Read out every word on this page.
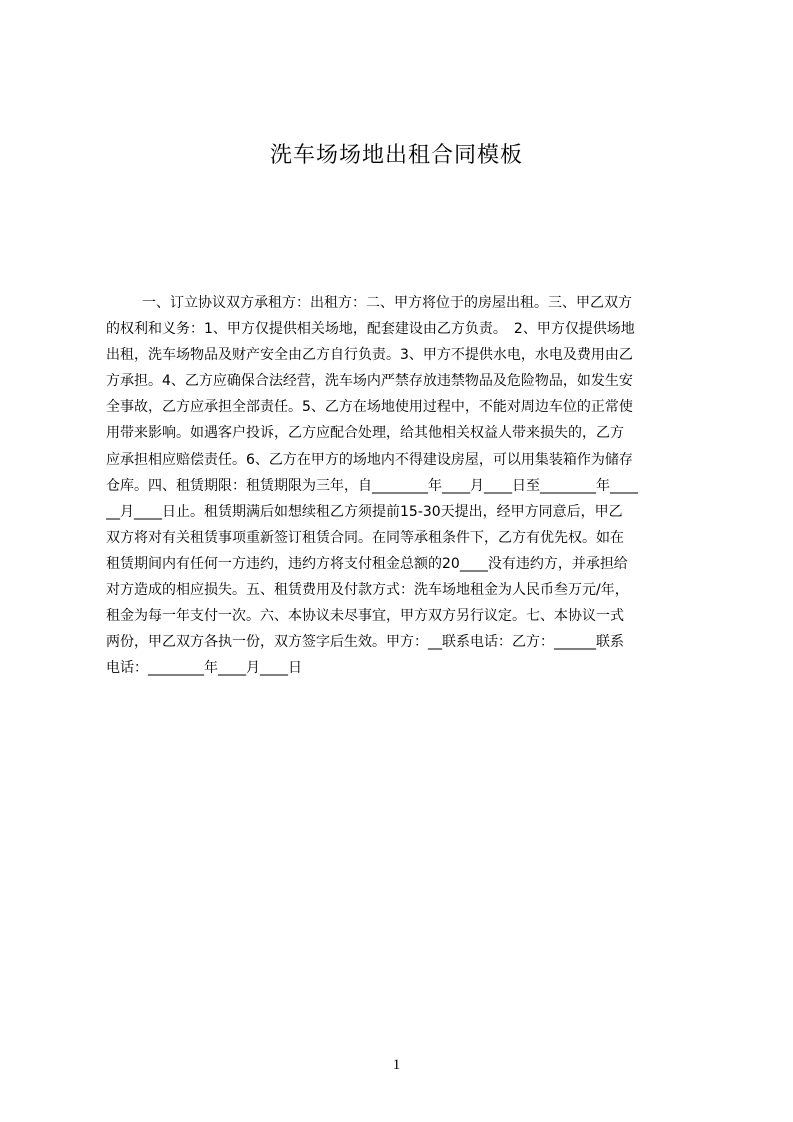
洗车场场地出租合同模板
一、订立协议双方承租方：出租方：二、甲方将位于的房屋出租。三、甲乙双方
的权利和义务：1、甲方仅提供相关场地，配套建设由乙方负责。　2、甲方仅提供场地
出租，洗车场物品及财产安全由乙方自行负责。3、甲方不提供水电，水电及费用由乙
方承担。4、乙方应确保合法经营，洗车场内严禁存放违禁物品及危险物品，如发生安
全事故，乙方应承担全部责任。5、乙方在场地使用过程中，不能对周边车位的正常使
用带来影响。如遇客户投诉，乙方应配合处理，给其他相关权益人带来损失的，乙方
应承担相应赔偿责任。6、乙方在甲方的场地内不得建设房屋，可以用集装箱作为储存
仓库。四、租赁期限：租赁期限为三年，自________年____月____日至________年____
__月____日止。租赁期满后如想续租乙方须提前15-30天提出，经甲方同意后，甲乙
双方将对有关租赁事项重新签订租赁合同。在同等承租条件下，乙方有优先权。如在
租赁期间内有任何一方违约，违约方将支付租金总额的20____没有违约方，并承担给
对方造成的相应损失。五、租赁费用及付款方式：洗车场地租金为人民币叁万元/年，
租金为每一年支付一次。六、本协议未尽事宜，甲方双方另行议定。七、本协议一式
两份，甲乙双方各执一份，双方签字后生效。甲方：__联系电话：乙方：______联系
电话：________年____月____日
1
